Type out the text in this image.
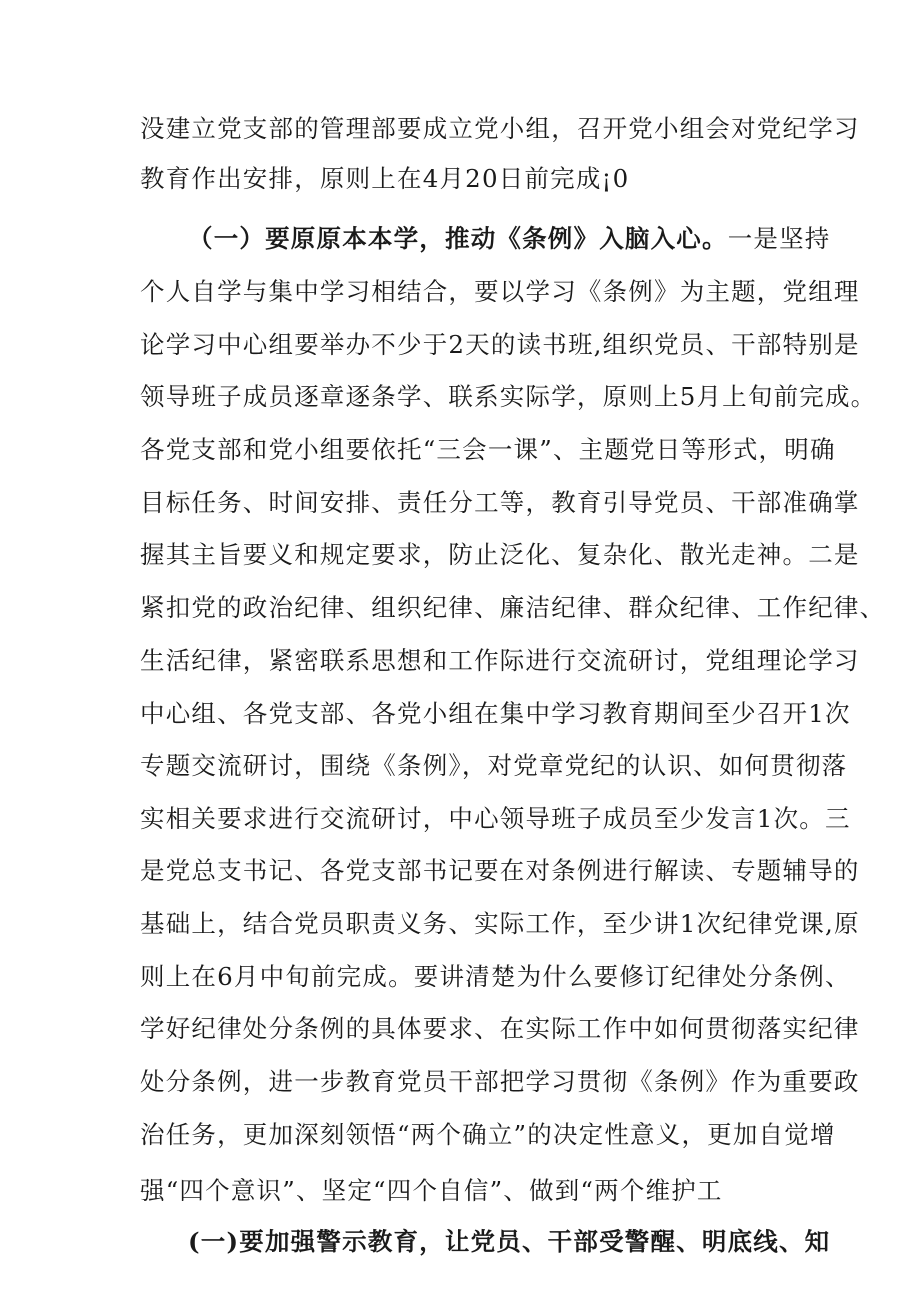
没建立党支部的管理部要成立党小组，召开党小组会对党纪学习
教育作出安排，原则上在4月20日前完成¡0
（一）要原原本本学，推动《条例》入脑入心。一是坚持
个人自学与集中学习相结合，要以学习《条例》为主题，党组理
论学习中心组要举办不少于2天的读书班,组织党员、干部特别是
领导班子成员逐章逐条学、联系实际学，原则上5月上旬前完成。
各党支部和党小组要依托“三会一课”、主题党日等形式，明确
目标任务、时间安排、责任分工等，教育引导党员、干部准确掌
握其主旨要义和规定要求，防止泛化、复杂化、散光走神。二是
紧扣党的政治纪律、组织纪律、廉洁纪律、群众纪律、工作纪律、
生活纪律，紧密联系思想和工作际进行交流研讨，党组理论学习
中心组、各党支部、各党小组在集中学习教育期间至少召开1次
专题交流研讨，围绕《条例》，对党章党纪的认识、如何贯彻落
实相关要求进行交流研讨，中心领导班子成员至少发言1次。三
是党总支书记、各党支部书记要在对条例进行解读、专题辅导的
基础上，结合党员职责义务、实际工作，至少讲1次纪律党课,原
则上在6月中旬前完成。要讲清楚为什么要修订纪律处分条例、
学好纪律处分条例的具体要求、在实际工作中如何贯彻落实纪律
处分条例，进一步教育党员干部把学习贯彻《条例》作为重要政
治任务，更加深刻领悟“两个确立”的决定性意义，更加自觉增
强“四个意识”、坚定“四个自信”、做到“两个维护工
(一)要加强警示教育，让党员、干部受警醒、明底线、知
